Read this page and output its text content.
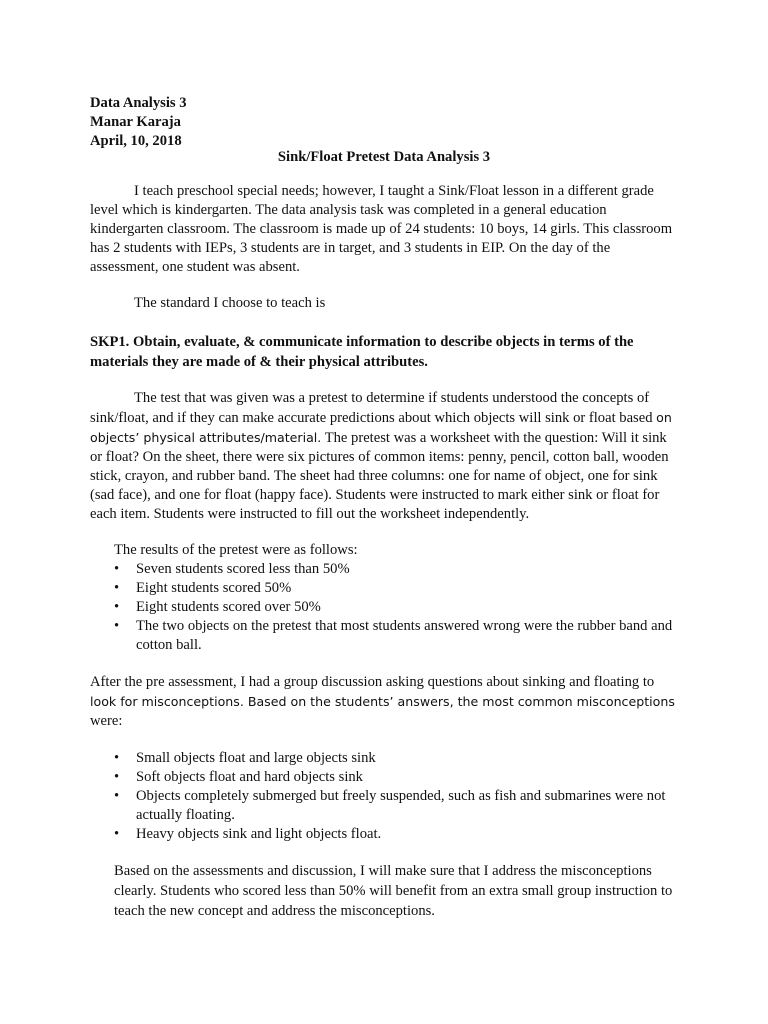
Data Analysis 3
Manar Karaja
April, 10, 2018
Sink/Float Pretest Data Analysis 3

I teach preschool special needs; however, I taught a Sink/Float lesson in a different grade level which is kindergarten. The data analysis task was completed in a general education kindergarten classroom. The classroom is made up of 24 students: 10 boys, 14 girls. This classroom has 2 students with IEPs, 3 students are in target, and 3 students in EIP. On the day of the assessment, one student was absent.

The standard I choose to teach is

SKP1. Obtain, evaluate, & communicate information to describe objects in terms of the materials they are made of & their physical attributes.

The test that was given was a pretest to determine if students understood the concepts of sink/float, and if they can make accurate predictions about which objects will sink or float based on objects’ physical attributes/material. The pretest was a worksheet with the question: Will it sink or float? On the sheet, there were six pictures of common items: penny, pencil, cotton ball, wooden stick, crayon, and rubber band. The sheet had three columns: one for name of object, one for sink (sad face), and one for float (happy face). Students were instructed to mark either sink or float for each item. Students were instructed to fill out the worksheet independently.

The results of the pretest were as follows:

• Seven students scored less than 50%
• Eight students scored 50%
• Eight students scored over 50%
• The two objects on the pretest that most students answered wrong were the rubber band and cotton ball.

After the pre assessment, I had a group discussion asking questions about sinking and floating to look for misconceptions. Based on the students’ answers, the most common misconceptions were:

• Small objects float and large objects sink
• Soft objects float and hard objects sink
• Objects completely submerged but freely suspended, such as fish and submarines were not actually floating.
• Heavy objects sink and light objects float.

Based on the assessments and discussion, I will make sure that I address the misconceptions clearly. Students who scored less than 50% will benefit from an extra small group instruction to teach the new concept and address the misconceptions.
